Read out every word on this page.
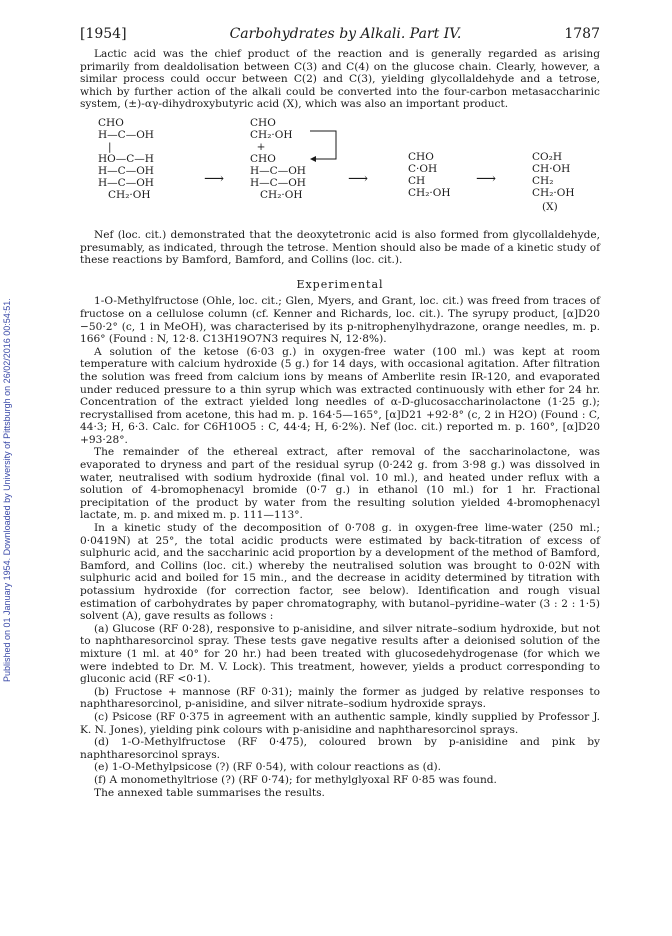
Published on 01 January 1954. Downloaded by University of Pittsburgh on 26/02/2016 00:54:51.
[1954]	Carbohydrates by Alkali. Part IV.	1787

Lactic acid was the chief product of the reaction and is generally regarded as arising primarily from dealdolisation between C(3) and C(4) on the glucose chain. Clearly, however, a similar process could occur between C(2) and C(3), yielding glycollaldehyde and a tetrose, which by further action of the alkali could be converted into the four-carbon metasaccharinic system, (±)-αγ-dihydroxybutyric acid (X), which was also an important product.

CHO
H—C—OH
|
HO—C—H
H—C—OH
H—C—OH
CH₂·OH
⟶
CHO
CH₂·OH
+
CHO
H—C—OH
H—C—OH
CH₂·OH
⟶
CHO
C·OH
CH
CH₂·OH
⟶
CO₂H
CH·OH
CH₂
CH₂·OH
(X)

Nef (loc. cit.) demonstrated that the deoxytetronic acid is also formed from glycollaldehyde, presumably, as indicated, through the tetrose. Mention should also be made of a kinetic study of these reactions by Bamford, Bamford, and Collins (loc. cit.).

Experimental

1-O-Methylfructose (Ohle, loc. cit.; Glen, Myers, and Grant, loc. cit.) was freed from traces of fructose on a cellulose column (cf. Kenner and Richards, loc. cit.). The syrupy product, [α]D20 −50·2° (c, 1 in MeOH), was characterised by its p-nitrophenylhydrazone, orange needles, m. p. 166° (Found : N, 12·8. C13H19O7N3 requires N, 12·8%).

A solution of the ketose (6·03 g.) in oxygen-free water (100 ml.) was kept at room temperature with calcium hydroxide (5 g.) for 14 days, with occasional agitation. After filtration the solution was freed from calcium ions by means of Amberlite resin IR-120, and evaporated under reduced pressure to a thin syrup which was extracted continuously with ether for 24 hr. Concentration of the extract yielded long needles of α-D-glucosaccharinolactone (1·25 g.); recrystallised from acetone, this had m. p. 164·5—165°, [α]D21 +92·8° (c, 2 in H2O) (Found : C, 44·3; H, 6·3. Calc. for C6H10O5 : C, 44·4; H, 6·2%). Nef (loc. cit.) reported m. p. 160°, [α]D20 +93·28°.

The remainder of the ethereal extract, after removal of the saccharinolactone, was evaporated to dryness and part of the residual syrup (0·242 g. from 3·98 g.) was dissolved in water, neutralised with sodium hydroxide (final vol. 10 ml.), and heated under reflux with a solution of 4-bromophenacyl bromide (0·7 g.) in ethanol (10 ml.) for 1 hr. Fractional precipitation of the product by water from the resulting solution yielded 4-bromophenacyl lactate, m. p. and mixed m. p. 111—113°.

In a kinetic study of the decomposition of 0·708 g. in oxygen-free lime-water (250 ml.; 0·0419N) at 25°, the total acidic products were estimated by back-titration of excess of sulphuric acid, and the saccharinic acid proportion by a development of the method of Bamford, Bamford, and Collins (loc. cit.) whereby the neutralised solution was brought to 0·02N with sulphuric acid and boiled for 15 min., and the decrease in acidity determined by titration with potassium hydroxide (for correction factor, see below). Identification and rough visual estimation of carbohydrates by paper chromatography, with butanol–pyridine–water (3 : 2 : 1·5) solvent (A), gave results as follows :

(a) Glucose (RF 0·28), responsive to p-anisidine, and silver nitrate–sodium hydroxide, but not to naphtharesorcinol spray. These tests gave negative results after a deionised solution of the mixture (1 ml. at 40° for 20 hr.) had been treated with glucosedehydrogenase (for which we were indebted to Dr. M. V. Lock). This treatment, however, yields a product corresponding to gluconic acid (RF <0·1).

(b) Fructose + mannose (RF 0·31); mainly the former as judged by relative responses to naphtharesorcinol, p-anisidine, and silver nitrate–sodium hydroxide sprays.

(c) Psicose (RF 0·375 in agreement with an authentic sample, kindly supplied by Professor J. K. N. Jones), yielding pink colours with p-anisidine and naphtharesorcinol sprays.

(d) 1-O-Methylfructose (RF 0·475), coloured brown by p-anisidine and pink by naphtharesorcinol sprays.

(e) 1-O-Methylpsicose (?) (RF 0·54), with colour reactions as (d).

(f) A monomethyltriose (?) (RF 0·74); for methylglyoxal RF 0·85 was found.

The annexed table summarises the results.
